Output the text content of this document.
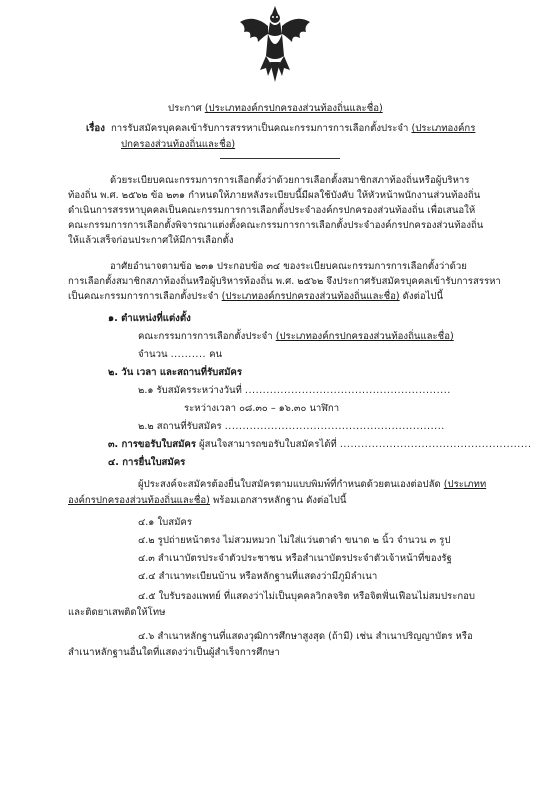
ประกาศ (ประเภทองค์กรปกครองส่วนท้องถิ่นและชื่อ)
เรื่อง การรับสมัครบุคคลเข้ารับการสรรหาเป็นคณะกรรมการการเลือกตั้งประจำ (ประเภทองค์กร
ปกครองส่วนท้องถิ่นและชื่อ)
ด้วยระเบียบคณะกรรมการการเลือกตั้งว่าด้วยการเลือกตั้งสมาชิกสภาท้องถิ่นหรือผู้บริหาร
ท้องถิ่น พ.ศ. ๒๕๖๒ ข้อ ๒๓๑ กำหนดให้ภายหลังระเบียบนี้มีผลใช้บังคับ ให้หัวหน้าพนักงานส่วนท้องถิ่น
ดำเนินการสรรหาบุคคลเป็นคณะกรรมการการเลือกตั้งประจำองค์กรปกครองส่วนท้องถิ่น เพื่อเสนอให้
คณะกรรมการการเลือกตั้งพิจารณาแต่งตั้งคณะกรรมการการเลือกตั้งประจำองค์กรปกครองส่วนท้องถิ่น
ให้แล้วเสร็จก่อนประกาศให้มีการเลือกตั้ง
อาศัยอำนาจตามข้อ ๒๓๑ ประกอบข้อ ๓๔ ของระเบียบคณะกรรมการการเลือกตั้งว่าด้วย
การเลือกตั้งสมาชิกสภาท้องถิ่นหรือผู้บริหารท้องถิ่น พ.ศ. ๒๕๖๒ จึงประกาศรับสมัครบุคคลเข้ารับการสรรหา
เป็นคณะกรรมการการเลือกตั้งประจำ (ประเภทองค์กรปกครองส่วนท้องถิ่นและชื่อ) ดังต่อไปนี้
๑. ตำแหน่งที่แต่งตั้ง
คณะกรรมการการเลือกตั้งประจำ (ประเภทองค์กรปกครองส่วนท้องถิ่นและชื่อ)
จำนวน .......... คน
๒. วัน เวลา และสถานที่รับสมัคร
๒.๑ รับสมัครระหว่างวันที่ ..........................................................
ระหว่างเวลา ๐๘.๓๐ – ๑๖.๓๐ นาฬิกา
๒.๒ สถานที่รับสมัคร ..............................................................
๓. การขอรับใบสมัคร ผู้สนใจสามารถขอรับใบสมัครได้ที่ ......................................................
๔. การยื่นใบสมัคร
ผู้ประสงค์จะสมัครต้องยื่นใบสมัครตามแบบพิมพ์ที่กำหนดด้วยตนเองต่อปลัด (ประเภทท
องค์กรปกครองส่วนท้องถิ่นและชื่อ) พร้อมเอกสารหลักฐาน ดังต่อไปนี้
๔.๑ ใบสมัคร
๔.๒ รูปถ่ายหน้าตรง ไม่สวมหมวก ไม่ใส่แว่นตาดำ ขนาด ๒ นิ้ว จำนวน ๓ รูป
๔.๓ สำเนาบัตรประจำตัวประชาชน หรือสำเนาบัตรประจำตัวเจ้าหน้าที่ของรัฐ
๔.๔ สำเนาทะเบียนบ้าน หรือหลักฐานที่แสดงว่ามีภูมิลำเนา
๔.๕ ใบรับรองแพทย์ ที่แสดงว่าไม่เป็นบุคคลวิกลจริต หรือจิตฟั่นเฟือนไม่สมประกอบ
และติดยาเสพติดให้โทษ
๔.๖ สำเนาหลักฐานที่แสดงวุฒิการศึกษาสูงสุด (ถ้ามี) เช่น สำเนาปริญญาบัตร หรือ
สำเนาหลักฐานอื่นใดที่แสดงว่าเป็นผู้สำเร็จการศึกษา
